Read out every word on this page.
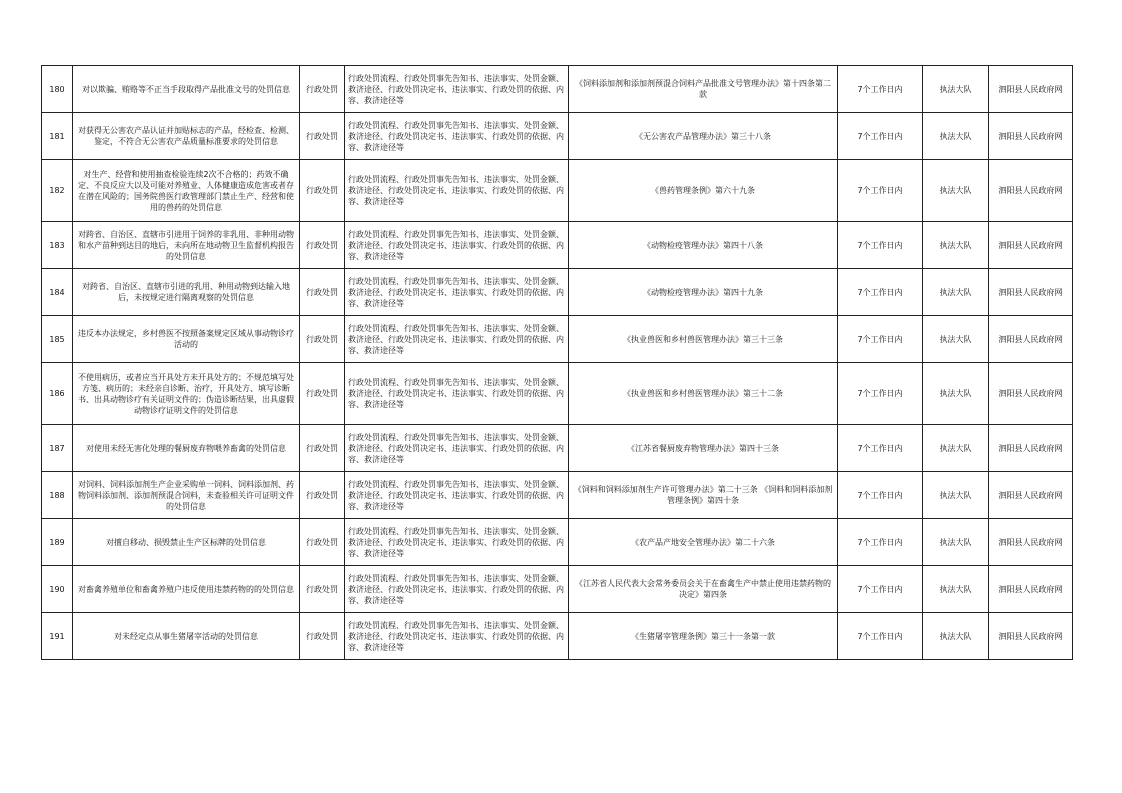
180	对以欺骗、贿赂等不正当手段取得产品批准文号的处罚信息	行政处罚	行政处罚流程、行政处罚事先告知书、违法事实、处罚金额、救济途径、行政处罚决定书、违法事实、行政处罚的依据、内容、救济途径等	《饲料添加剂和添加剂预混合饲料产品批准文号管理办法》第十四条第二款	7个工作日内	执法大队	泗阳县人民政府网
181	对获得无公害农产品认证并加贴标志的产品，经检查、检测、鉴定，不符合无公害农产品质量标准要求的处罚信息	行政处罚	行政处罚流程、行政处罚事先告知书、违法事实、处罚金额、救济途径、行政处罚决定书、违法事实、行政处罚的依据、内容、救济途径等	《无公害农产品管理办法》第三十八条	7个工作日内	执法大队	泗阳县人民政府网
182	对生产、经营和使用抽查检验连续2次不合格的；药效不确定、不良反应大以及可能对养殖业、人体健康造成危害或者存在潜在风险的；国务院兽医行政管理部门禁止生产、经营和使用的兽药的处罚信息	行政处罚	行政处罚流程、行政处罚事先告知书、违法事实、处罚金额、救济途径、行政处罚决定书、违法事实、行政处罚的依据、内容、救济途径等	《兽药管理条例》第六十九条	7个工作日内	执法大队	泗阳县人民政府网
183	对跨省、自治区、直辖市引进用于饲养的非乳用、非种用动物和水产苗种到达目的地后，未向所在地动物卫生监督机构报告的处罚信息	行政处罚	行政处罚流程、行政处罚事先告知书、违法事实、处罚金额、救济途径、行政处罚决定书、违法事实、行政处罚的依据、内容、救济途径等	《动物检疫管理办法》第四十八条	7个工作日内	执法大队	泗阳县人民政府网
184	对跨省、自治区、直辖市引进的乳用、种用动物到达输入地后，未按规定进行隔离观察的处罚信息	行政处罚	行政处罚流程、行政处罚事先告知书、违法事实、处罚金额、救济途径、行政处罚决定书、违法事实、行政处罚的依据、内容、救济途径等	《动物检疫管理办法》第四十九条	7个工作日内	执法大队	泗阳县人民政府网
185	违反本办法规定，乡村兽医不按照备案规定区域从事动物诊疗活动的	行政处罚	行政处罚流程、行政处罚事先告知书、违法事实、处罚金额、救济途径、行政处罚决定书、违法事实、行政处罚的依据、内容、救济途径等	《执业兽医和乡村兽医管理办法》第三十三条	7个工作日内	执法大队	泗阳县人民政府网
186	不使用病历，或者应当开具处方未开具处方的；不规范填写处方笺、病历的；未经亲自诊断、治疗，开具处方、填写诊断书、出具动物诊疗有关证明文件的；伪造诊断结果，出具虚假动物诊疗证明文件的处罚信息	行政处罚	行政处罚流程、行政处罚事先告知书、违法事实、处罚金额、救济途径、行政处罚决定书、违法事实、行政处罚的依据、内容、救济途径等	《执业兽医和乡村兽医管理办法》第三十二条	7个工作日内	执法大队	泗阳县人民政府网
187	对使用未经无害化处理的餐厨废弃物喂养畜禽的处罚信息	行政处罚	行政处罚流程、行政处罚事先告知书、违法事实、处罚金额、救济途径、行政处罚决定书、违法事实、行政处罚的依据、内容、救济途径等	《江苏省餐厨废弃物管理办法》第四十三条	7个工作日内	执法大队	泗阳县人民政府网
188	对饲料、饲料添加剂生产企业采购单一饲料、饲料添加剂、药物饲料添加剂、添加剂预混合饲料，未查验相关许可证明文件的处罚信息	行政处罚	行政处罚流程、行政处罚事先告知书、违法事实、处罚金额、救济途径、行政处罚决定书、违法事实、行政处罚的依据、内容、救济途径等	《饲料和饲料添加剂生产许可管理办法》第二十三条 《饲料和饲料添加剂管理条例》第四十条	7个工作日内	执法大队	泗阳县人民政府网
189	对擅自移动、损毁禁止生产区标牌的处罚信息	行政处罚	行政处罚流程、行政处罚事先告知书、违法事实、处罚金额、救济途径、行政处罚决定书、违法事实、行政处罚的依据、内容、救济途径等	《农产品产地安全管理办法》第二十六条	7个工作日内	执法大队	泗阳县人民政府网
190	对畜禽养殖单位和畜禽养殖户违反使用违禁药物的的处罚信息	行政处罚	行政处罚流程、行政处罚事先告知书、违法事实、处罚金额、救济途径、行政处罚决定书、违法事实、行政处罚的依据、内容、救济途径等	《江苏省人民代表大会常务委员会关于在畜禽生产中禁止使用违禁药物的决定》第四条	7个工作日内	执法大队	泗阳县人民政府网
191	对未经定点从事生猪屠宰活动的处罚信息	行政处罚	行政处罚流程、行政处罚事先告知书、违法事实、处罚金额、救济途径、行政处罚决定书、违法事实、行政处罚的依据、内容、救济途径等	《生猪屠宰管理条例》第三十一条第一款	7个工作日内	执法大队	泗阳县人民政府网
